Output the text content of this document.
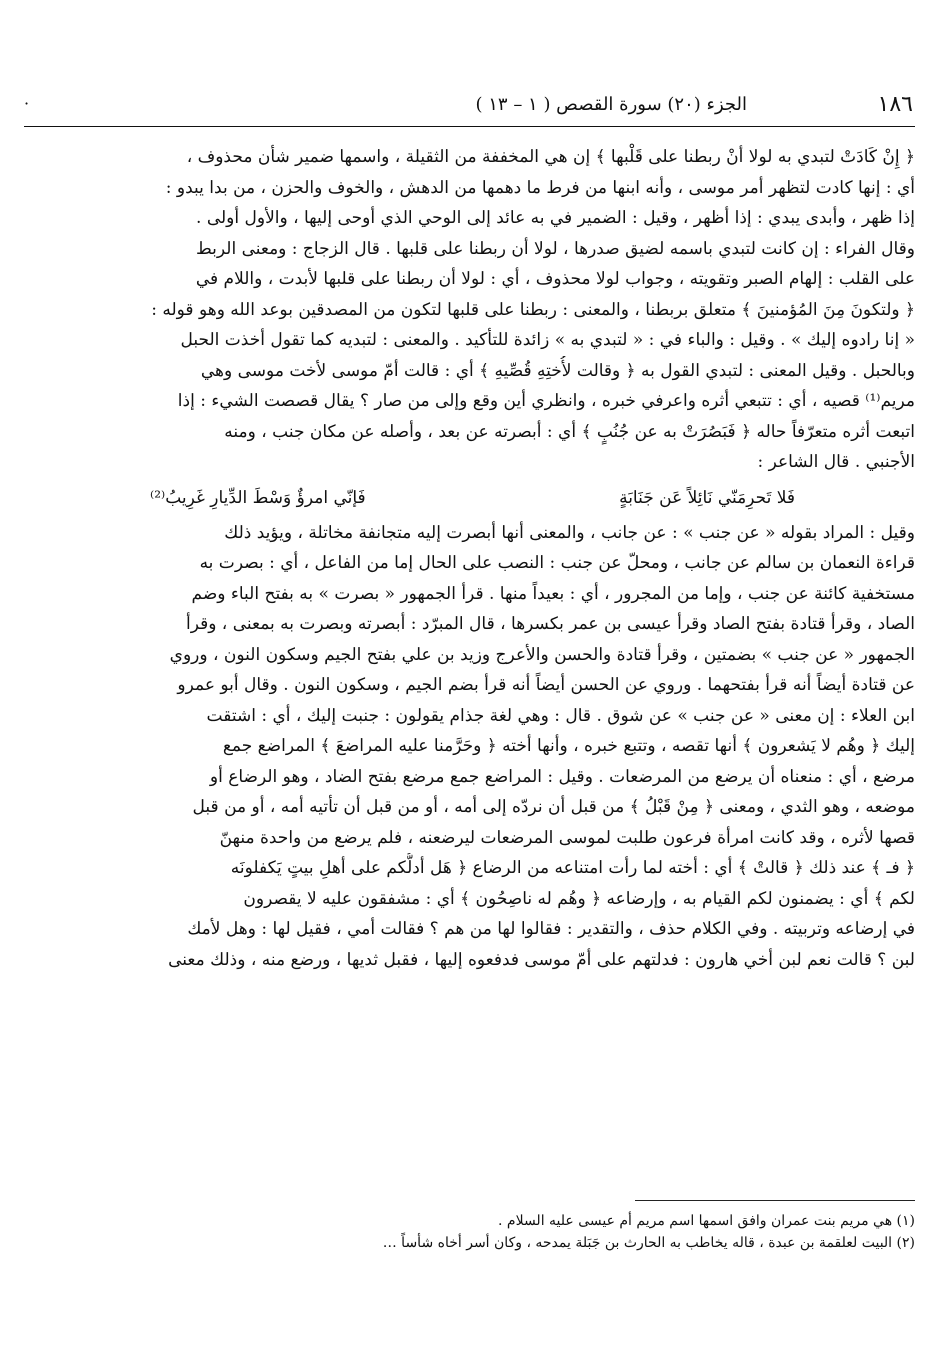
١٨٦
الجزء (٢٠) سورة القصص ( ١ – ١٣ )
·

﴿ إِنْ كَادَتْ لتبدي به لولا أنْ ربطنا على قَلْبها ﴾ إن هي المخففة من الثقيلة ، واسمها ضمير شأن محذوف ،

أي : إنها كادت لتظهر أمر موسى ، وأنه ابنها من فرط ما دهمها من الدهش ، والخوف والحزن ، من بدا يبدو :

إذا ظهر ، وأبدى يبدي : إذا أظهر ، وقيل : الضمير في به عائد إلى الوحي الذي أوحى إليها ، والأول أولى .

وقال الفراء : إن كانت لتبدي باسمه لضيق صدرها ، لولا أن ربطنا على قلبها . قال الزجاج : ومعنى الربط

على القلب : إلهام الصبر وتقويته ، وجواب لولا محذوف ، أي : لولا أن ربطنا على قلبها لأبدت ، واللام في

﴿ ولتكونَ مِنَ المُؤمنينَ ﴾ متعلق بربطنا ، والمعنى : ربطنا على قلبها لتكون من المصدقين بوعد الله وهو قوله :

« إنا رادوه إليك » . وقيل : والباء في : « لتبدي به » زائدة للتأكيد . والمعنى : لتبديه كما تقول أخذت الحبل

وبالحبل . وقيل المعنى : لتبدي القول به ﴿ وقالت لأُختِهِ قُصِّيهِ ﴾ أي : قالت أمّ موسى لأخت موسى وهي

مريم⁽¹⁾ قصيه ، أي : تتبعي أثره واعرفي خبره ، وانظري أين وقع وإلى من صار ؟ يقال قصصت الشيء : إذا

اتبعت أثره متعرّفاً حاله ﴿ فَبَصُرَتْ به عن جُنُبٍ ﴾ أي : أبصرته عن بعد ، وأصله عن مكان جنب ، ومنه

الأجنبي . قال الشاعر :

فَلا تَحرِمَنّي نَائِلاً عَن جَنَابَةٍ
فَإنّي امرؤٌ وَسْطَ الدِّيارِ غَرِيبُ⁽²⁾

وقيل : المراد بقوله « عن جنب » : عن جانب ، والمعنى أنها أبصرت إليه متجانفة مخاتلة ، ويؤيد ذلك

قراءة النعمان بن سالم عن جانب ، ومحلّ عن جنب : النصب على الحال إما من الفاعل ، أي : بصرت به

مستخفية كائنة عن جنب ، وإما من المجرور ، أي : بعيداً منها . قرأ الجمهور « بصرت » به بفتح الباء وضم

الصاد ، وقرأ قتادة بفتح الصاد وقرأ عيسى بن عمر بكسرها ، قال المبرّد : أبصرته وبصرت به بمعنى ، وقرأ

الجمهور « عن جنب » بضمتين ، وقرأ قتادة والحسن والأعرج وزيد بن علي بفتح الجيم وسكون النون ، وروي

عن قتادة أيضاً أنه قرأ بفتحهما . وروي عن الحسن أيضاً أنه قرأ بضم الجيم ، وسكون النون . وقال أبو عمرو

ابن العلاء : إن معنى « عن جنب » عن شوق . قال : وهي لغة جذام يقولون : جنبت إليك ، أي : اشتقت

إليك ﴿ وهُم لا يَشعرون ﴾ أنها تقصه ، وتتبع خبره ، وأنها أخته ﴿ وحَرَّمنا عليه المراضعَ ﴾ المراضع جمع

مرضع ، أي : منعناه أن يرضع من المرضعات . وقيل : المراضع جمع مرضع بفتح الضاد ، وهو الرضاع أو

موضعه ، وهو الثدي ، ومعنى ﴿ مِنْ قَبْلُ ﴾ من قبل أن نردّه إلى أمه ، أو من قبل أن تأتيه أمه ، أو من قبل

قصها لأثره ، وقد كانت امرأة فرعون طلبت لموسى المرضعات ليرضعنه ، فلم يرضع من واحدة منهنّ

﴿ فـ ﴾ عند ذلك ﴿ قالتْ ﴾ أي : أخته لما رأت امتناعه من الرضاع ﴿ هَل أدلُّكم على أهلِ بيتٍ يَكفلونَه

لكم ﴾ أي : يضمنون لكم القيام به ، وإرضاعه ﴿ وهُم له ناصِحُون ﴾ أي : مشفقون عليه لا يقصرون

في إرضاعه وتربيته . وفي الكلام حذف ، والتقدير : فقالوا لها من هم ؟ فقالت أمي ، فقيل لها : وهل لأمك

لبن ؟ قالت نعم لبن أخي هارون : فدلتهم على أمّ موسى فدفعوه إليها ، فقبل ثديها ، ورضع منه ، وذلك معنى

(١) هي مريم بنت عمران وافق اسمها اسم مريم أم عيسى عليه السلام .

(٢) البيت لعلقمة بن عبدة ، قاله يخاطب به الحارث بن جَبَلة يمدحه ، وكان أسر أخاه شأساً …
